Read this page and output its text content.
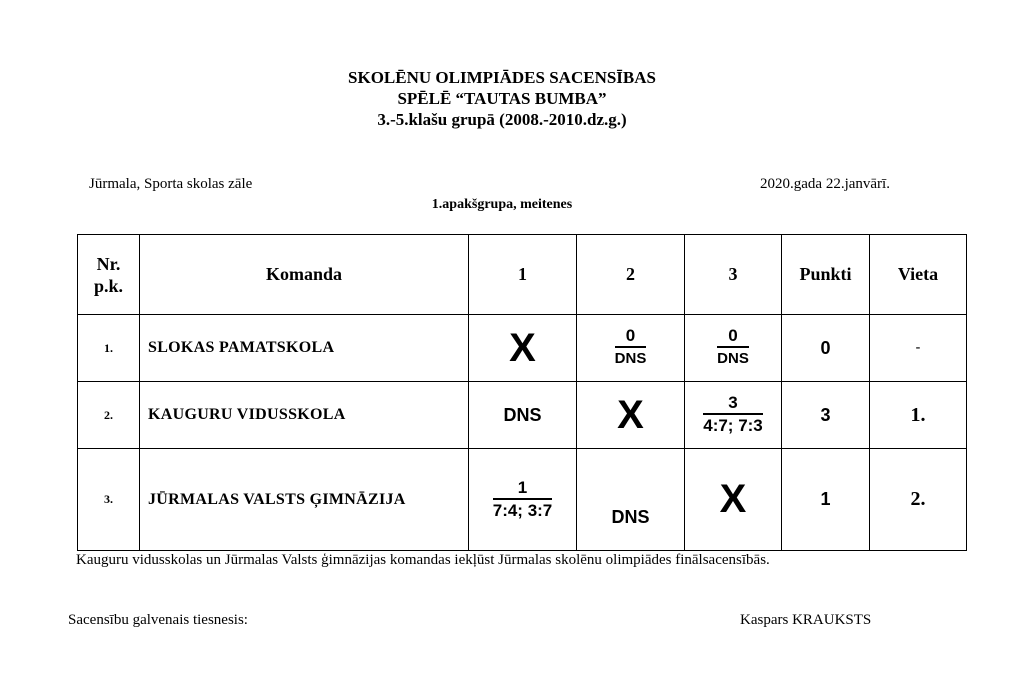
SKOLĒNU OLIMPIĀDES SACENSĪBAS
SPĒLĒ “TAUTAS BUMBA”
3.-5.klašu grupā (2008.-2010.dz.g.)
Jūrmala, Sporta skolas zāle	2020.gada 22.janvārī.
1.apakšgrupa, meitenes
Nr.
p.k.	Komanda	1	2	3	Punkti	Vieta
1.	SLOKAS PAMATSKOLA	X	$\frac{0}{\text{DNS}}$	$\frac{0}{\text{DNS}}$	0	-
2.	KAUGURU VIDUSSKOLA	DNS	X	$\frac{3}{4:7; 7:3}$	3	1.
3.	JŪRMALAS VALSTS ĢIMNĀZIJA	$\frac{1}{7:4; 3:7}$	DNS	X	1	2.
Kauguru vidusskolas un Jūrmalas Valsts ģimnāzijas komandas iekļūst Jūrmalas skolēnu olimpiādes finālsacensībās.
Sacensību galvenais tiesnesis:	Kaspars KRAUKSTS
